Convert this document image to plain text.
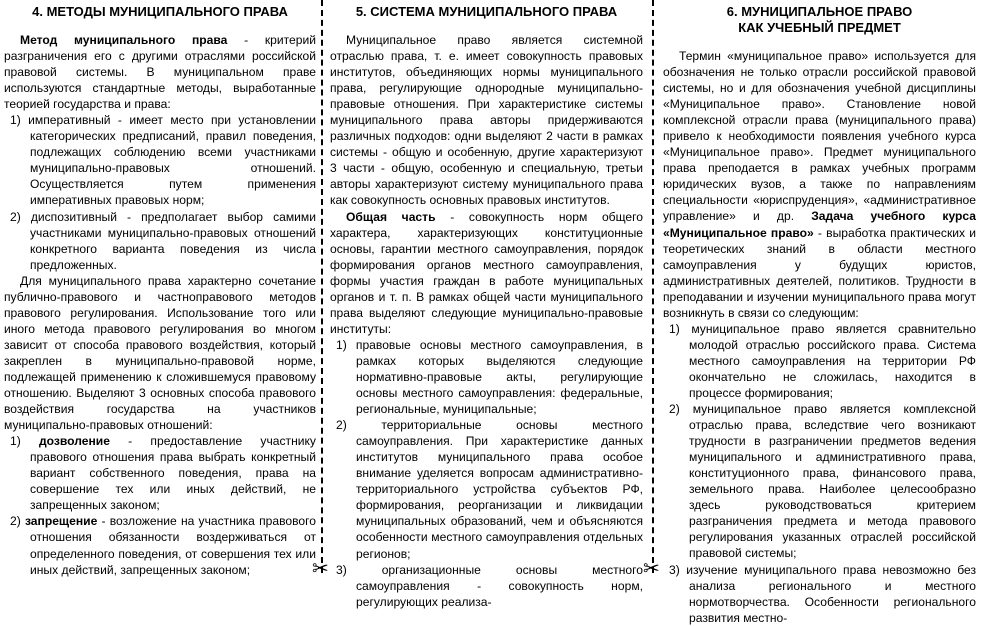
✂	✂
4. МЕТОДЫ МУНИЦИПАЛЬНОГО ПРАВА

Метод муниципального права - критерий разграничения его с другими отраслями российской правовой системы. В муниципальном праве используются стандартные методы, выработанные теорией государства и права:

1) императивный - имеет место при установлении категорических предписаний, правил поведения, подлежащих соблюдению всеми участниками муниципально-правовых отношений. Осуществляется путем применения императивных правовых норм;
2) диспозитивный - предполагает выбор самими участниками муниципально-правовых отношений конкретного варианта поведения из числа предложенных.

Для муниципального права характерно сочетание публично-правового и частноправового методов правового регулирования. Использование того или иного метода правового регулирования во многом зависит от способа правового воздействия, который закреплен в муниципально-правовой норме, подлежащей применению к сложившемуся правовому отношению. Выделяют 3 основных способа правового воздействия государства на участников муниципально-правовых отношений:

1) дозволение - предоставление участнику правового отношения права выбрать конкретный вариант собственного поведения, права на совершение тех или иных действий, не запрещенных законом;
2) запрещение - возложение на участника правового отношения обязанности воздерживаться от определенного поведения, от совершения тех или иных действий, запрещенных законом;
5. СИСТЕМА МУНИЦИПАЛЬНОГО ПРАВА

Муниципальное право является системной отраслью права, т. е. имеет совокупность правовых институтов, объединяющих нормы муниципального права, регулирующие однородные муниципально-правовые отношения. При характеристике системы муниципального права авторы придерживаются различных подходов: одни выделяют 2 части в рамках системы - общую и особенную, другие характеризуют 3 части - общую, особенную и специальную, третьи авторы характеризуют систему муниципального права как совокупность основных правовых институтов.

Общая часть - совокупность норм общего характера, характеризующих конституционные основы, гарантии местного самоуправления, порядок формирования органов местного самоуправления, формы участия граждан в работе муниципальных органов и т. п. В рамках общей части муниципального права выделяют следующие муниципально-правовые институты:

1) правовые основы местного самоуправления, в рамках которых выделяются следующие нормативно-правовые акты, регулирующие основы местного самоуправления: федеральные, региональные, муниципальные;
2) территориальные основы местного самоуправления. При характеристике данных институтов муниципального права особое внимание уделяется вопросам административно-территориального устройства субъектов РФ, формирования, реорганизации и ликвидации муниципальных образований, чем и объясняются особенности местного самоуправления отдельных регионов;
3) организационные основы местного самоуправления - совокупность норм, регулирующих реализа-
6. МУНИЦИПАЛЬНОЕ ПРАВО
КАК УЧЕБНЫЙ ПРЕДМЕТ

Термин «муниципальное право» используется для обозначения не только отрасли российской правовой системы, но и для обозначения учебной дисциплины «Муниципальное право». Становление новой комплексной отрасли права (муниципального права) привело к необходимости появления учебного курса «Муниципальное право». Предмет муниципального права преподается в рамках учебных программ юридических вузов, а также по направлениям специальности «юриспруденция», «административное управление» и др. Задача учебного курса «Муниципальное право» - выработка практических и теоретических знаний в области местного самоуправления у будущих юристов, административных деятелей, политиков. Трудности в преподавании и изучении муниципального права могут возникнуть в связи со следующим:

1) муниципальное право является сравнительно молодой отраслью российского права. Система местного самоуправления на территории РФ окончательно не сложилась, находится в процессе формирования;
2) муниципальное право является комплексной отраслью права, вследствие чего возникают трудности в разграничении предметов ведения муниципального и административного права, конституционного права, финансового права, земельного права. Наиболее целесообразно здесь руководствоваться критерием разграничения предмета и метода правового регулирования указанных отраслей российской правовой системы;
3) изучение муниципального права невозможно без анализа регионального и местного нормотворчества. Особенности регионального развития местно-
